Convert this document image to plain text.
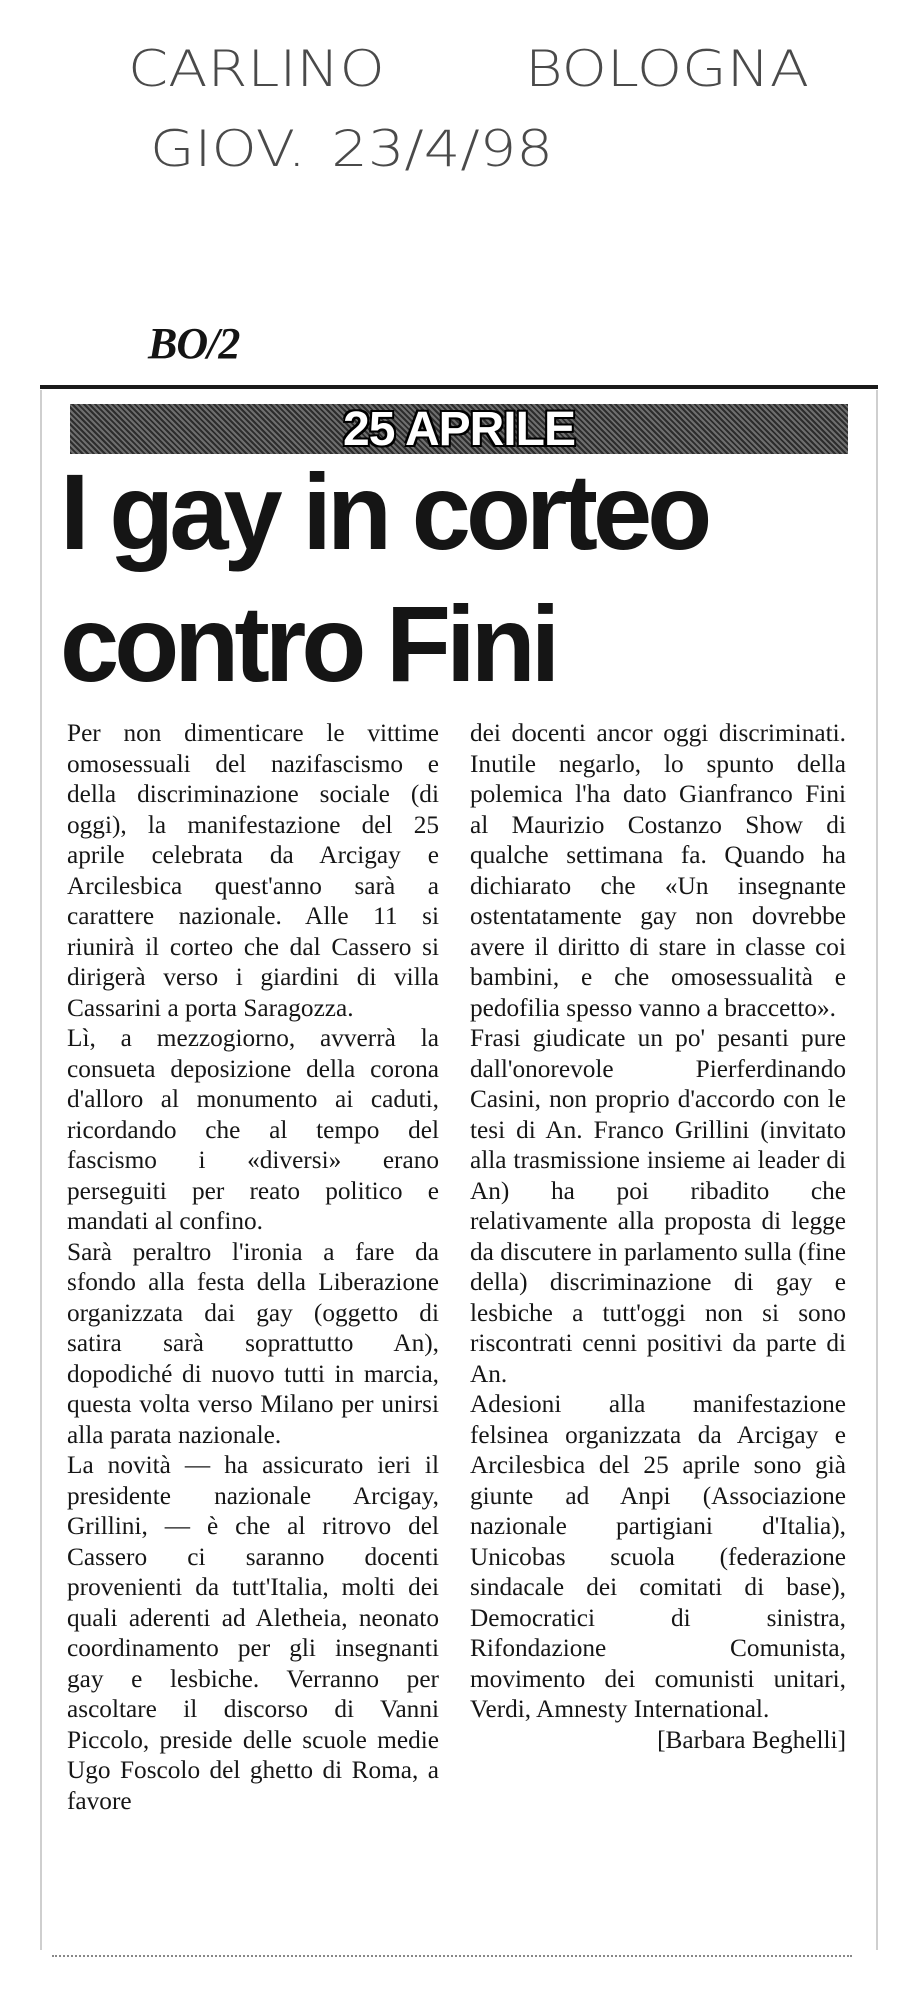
CARLINO	BOLOGNA
GIOV. 23/4/98
BO/2
25 APRILE
I gay in corteo
contro Fini

Per non dimenticare le vittime omosessuali del nazifascismo e della discriminazione sociale (di oggi), la manifestazione del 25 aprile celebrata da Arcigay e Arcilesbica quest'anno sarà a carattere nazionale. Alle 11 si riunirà il corteo che dal Cassero si dirigerà verso i giardini di villa Cassarini a porta Saragozza.

Lì, a mezzogiorno, avverrà la consueta deposizione della corona d'alloro al monumento ai caduti, ricordando che al tempo del fascismo i «diversi» erano perseguiti per reato politico e mandati al confino.

Sarà peraltro l'ironia a fare da sfondo alla festa della Liberazione organizzata dai gay (oggetto di satira sarà soprattutto An), dopodiché di nuovo tutti in marcia, questa volta verso Milano per unirsi alla parata nazionale.

La novità — ha assicurato ieri il presidente nazionale Arcigay, Grillini, — è che al ritrovo del Cassero ci saranno docenti provenienti da tutt'Italia, molti dei quali aderenti ad Aletheia, neonato coordinamento per gli insegnanti gay e lesbiche. Verranno per ascoltare il discorso di Vanni Piccolo, preside delle scuole medie Ugo Foscolo del ghetto di Roma, a favore

dei docenti ancor oggi discriminati. Inutile negarlo, lo spunto della polemica l'ha dato Gianfranco Fini al Maurizio Costanzo Show di qualche settimana fa. Quando ha dichiarato che «Un insegnante ostentatamente gay non dovrebbe avere il diritto di stare in classe coi bambini, e che omosessualità e pedofilia spesso vanno a braccetto».

Frasi giudicate un po' pesanti pure dall'onorevole Pierferdinando Casini, non proprio d'accordo con le tesi di An. Franco Grillini (invitato alla trasmissione insieme ai leader di An) ha poi ribadito che relativamente alla proposta di legge da discutere in parlamento sulla (fine della) discriminazione di gay e lesbiche a tutt'oggi non si sono riscontrati cenni positivi da parte di An.

Adesioni alla manifestazione felsinea organizzata da Arcigay e Arcilesbica del 25 aprile sono già giunte ad Anpi (Associazione nazionale partigiani d'Italia), Unicobas scuola (federazione sindacale dei comitati di base), Democratici di sinistra, Rifondazione Comunista, movimento dei comunisti unitari, Verdi, Amnesty International.

[Barbara Beghelli]
